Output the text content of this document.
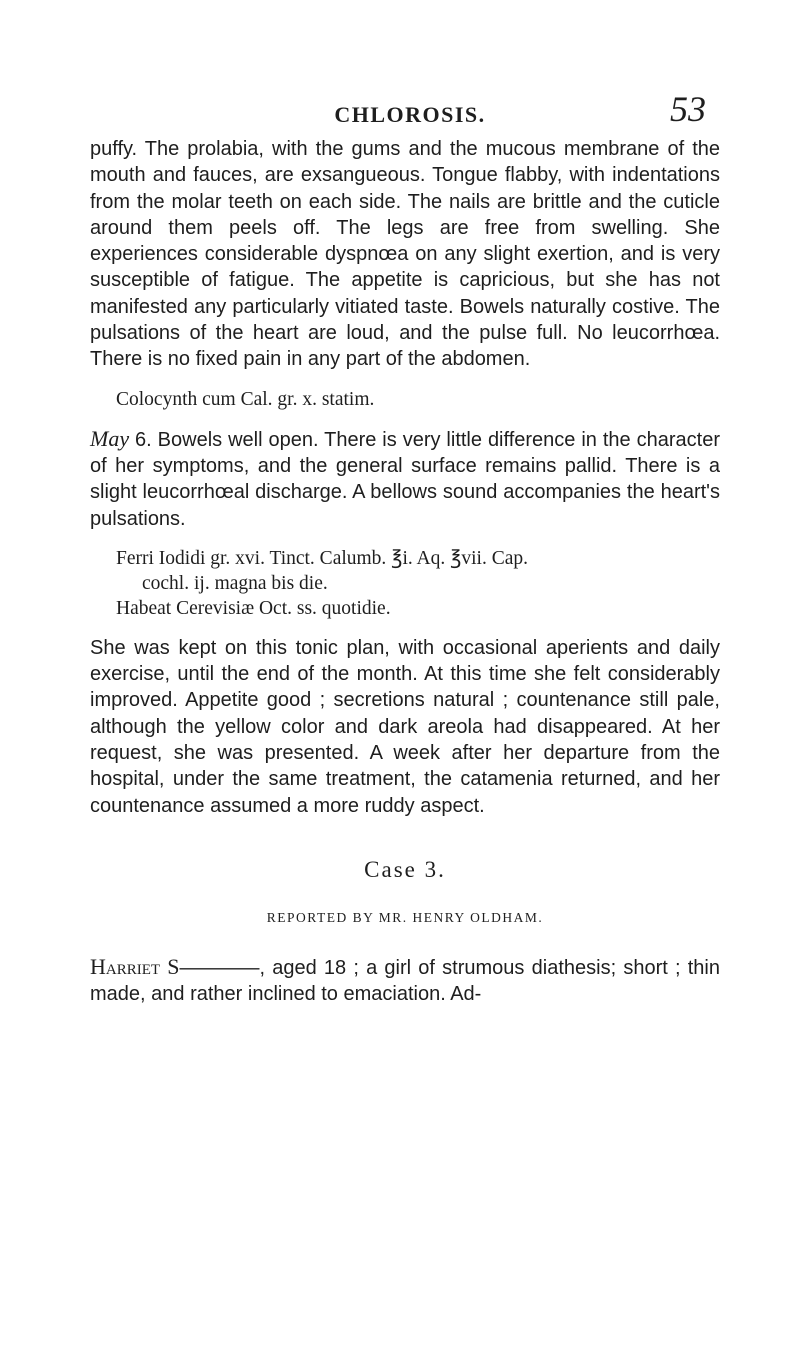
CHLOROSIS.	53

puffy. The prolabia, with the gums and the mucous membrane of the mouth and fauces, are exsangueous. Tongue flabby, with indentations from the molar teeth on each side. The nails are brittle and the cuticle around them peels off. The legs are free from swelling. She experiences considerable dyspnœa on any slight exertion, and is very susceptible of fatigue. The appetite is capricious, but she has not manifested any particularly vitiated taste. Bowels naturally costive. The pulsations of the heart are loud, and the pulse full. No leucorrhœa. There is no fixed pain in any part of the abdomen.

Colocynth cum Cal. gr. x. statim.

May 6. Bowels well open. There is very little difference in the character of her symptoms, and the general surface remains pallid. There is a slight leucorrhœal discharge. A bellows sound accompanies the heart's pulsations.

Ferri Iodidi gr. xvi. Tinct. Calumb. ℥i. Aq. ℥vii. Cap.
cochl. ij. magna bis die.
Habeat Cerevisiæ Oct. ss. quotidie.

She was kept on this tonic plan, with occasional aperients and daily exercise, until the end of the month. At this time she felt considerably improved. Appetite good ; secretions natural ; countenance still pale, although the yellow color and dark areola had disappeared. At her request, she was presented. A week after her departure from the hospital, under the same treatment, the catamenia returned, and her countenance assumed a more ruddy aspect.

Case 3.
REPORTED BY MR. HENRY OLDHAM.

Harriet S————, aged 18 ; a girl of strumous diathesis; short ; thin made, and rather inclined to emaciation. Ad-
